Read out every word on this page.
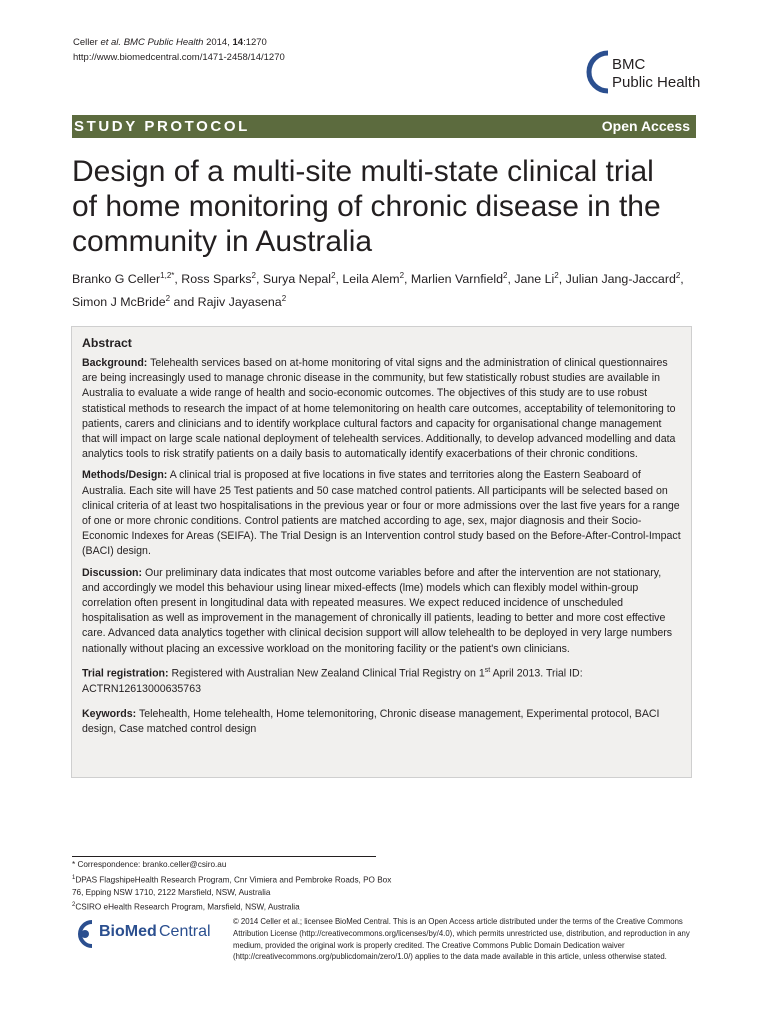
Celler et al. BMC Public Health 2014, 14:1270
http://www.biomedcentral.com/1471-2458/14/1270	BMC
Public Health
STUDY PROTOCOL	Open Access
Design of a multi-site multi-state clinical trial of home monitoring of chronic disease in the community in Australia
Branko G Celler$^{1,2*}$, Ross Sparks$^2$, Surya Nepal$^2$, Leila Alem$^2$, Marlien Varnfield$^2$, Jane Li$^2$, Julian Jang-Jaccard$^2$,
Simon J McBride$^2$ and Rajiv Jayasena$^2$
Abstract

Background: Telehealth services based on at-home monitoring of vital signs and the administration of clinical questionnaires are being increasingly used to manage chronic disease in the community, but few statistically robust studies are available in Australia to evaluate a wide range of health and socio-economic outcomes. The objectives of this study are to use robust statistical methods to research the impact of at home telemonitoring on health care outcomes, acceptability of telemonitoring to patients, carers and clinicians and to identify workplace cultural factors and capacity for organisational change management that will impact on large scale national deployment of telehealth services. Additionally, to develop advanced modelling and data analytics tools to risk stratify patients on a daily basis to automatically identify exacerbations of their chronic conditions.

Methods/Design: A clinical trial is proposed at five locations in five states and territories along the Eastern Seaboard of Australia. Each site will have 25 Test patients and 50 case matched control patients. All participants will be selected based on clinical criteria of at least two hospitalisations in the previous year or four or more admissions over the last five years for a range of one or more chronic conditions. Control patients are matched according to age, sex, major diagnosis and their Socio-Economic Indexes for Areas (SEIFA). The Trial Design is an Intervention control study based on the Before-After-Control-Impact (BACI) design.

Discussion: Our preliminary data indicates that most outcome variables before and after the intervention are not stationary, and accordingly we model this behaviour using linear mixed-effects (lme) models which can flexibly model within-group correlation often present in longitudinal data with repeated measures. We expect reduced incidence of unscheduled hospitalisation as well as improvement in the management of chronically ill patients, leading to better and more cost effective care. Advanced data analytics together with clinical decision support will allow telehealth to be deployed in very large numbers nationally without placing an excessive workload on the monitoring facility or the patient's own clinicians.

Trial registration: Registered with Australian New Zealand Clinical Trial Registry on 1st April 2013. Trial ID: ACTRN12613000635763

Keywords: Telehealth, Home telehealth, Home telemonitoring, Chronic disease management, Experimental protocol, BACI design, Case matched control design

* Correspondence: branko.celler@csiro.au
$^1$DPAS FlagshipeHealth Research Program, Cnr Vimiera and Pembroke Roads, PO Box 76, Epping NSW 1710, 2122 Marsfield, NSW, Australia
$^2$CSIRO eHealth Research Program, Marsfield, NSW, Australia
BioMed Central
© 2014 Celler et al.; licensee BioMed Central. This is an Open Access article distributed under the terms of the Creative Commons Attribution License (http://creativecommons.org/licenses/by/4.0), which permits unrestricted use, distribution, and reproduction in any medium, provided the original work is properly credited. The Creative Commons Public Domain Dedication waiver (http://creativecommons.org/publicdomain/zero/1.0/) applies to the data made available in this article, unless otherwise stated.
